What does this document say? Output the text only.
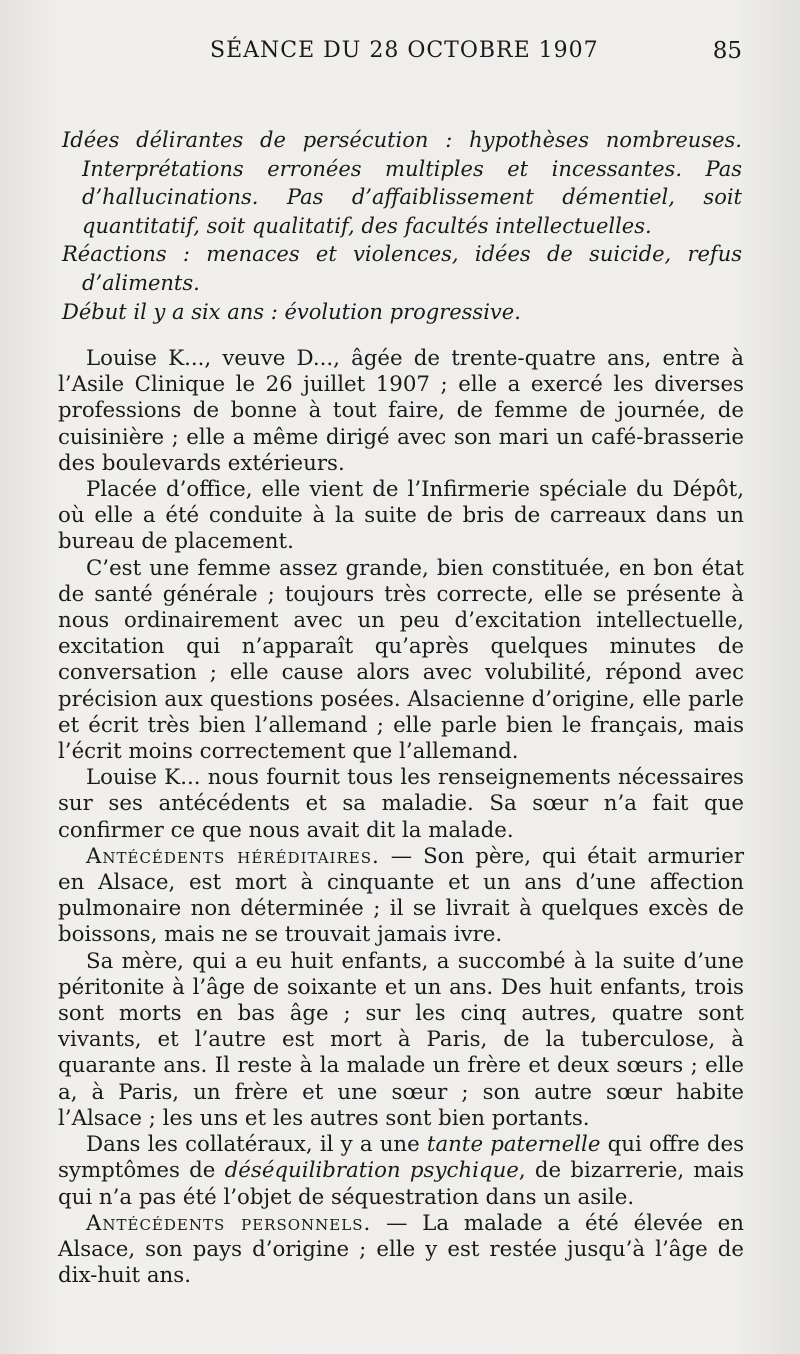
SÉANCE DU 28 OCTOBRE 1907	85

Idées délirantes de persécution : hypothèses nombreuses. Interprétations erronées multiples et incessantes. Pas d’hallucinations. Pas d’affaiblissement démentiel, soit quantitatif, soit qualitatif, des facultés intellectuelles.

Réactions : menaces et violences, idées de suicide, refus d’aliments.

Début il y a six ans : évolution progressive.

Louise K..., veuve D..., âgée de trente-quatre ans, entre à l’Asile Clinique le 26 juillet 1907 ; elle a exercé les diverses professions de bonne à tout faire, de femme de journée, de cuisinière ; elle a même dirigé avec son mari un café-brasserie des boulevards extérieurs.

Placée d’office, elle vient de l’Infirmerie spéciale du Dépôt, où elle a été conduite à la suite de bris de carreaux dans un bureau de placement.

C’est une femme assez grande, bien constituée, en bon état de santé générale ; toujours très correcte, elle se présente à nous ordinairement avec un peu d’excitation intellectuelle, excitation qui n’apparaît qu’après quelques minutes de conversation ; elle cause alors avec volubilité, répond avec précision aux questions posées. Alsacienne d’origine, elle parle et écrit très bien l’allemand ; elle parle bien le français, mais l’écrit moins correctement que l’allemand.

Louise K... nous fournit tous les renseignements nécessaires sur ses antécédents et sa maladie. Sa sœur n’a fait que confirmer ce que nous avait dit la malade.

Antécédents héréditaires. — Son père, qui était armurier en Alsace, est mort à cinquante et un ans d’une affection pulmonaire non déterminée ; il se livrait à quelques excès de boissons, mais ne se trouvait jamais ivre.

Sa mère, qui a eu huit enfants, a succombé à la suite d’une péritonite à l’âge de soixante et un ans. Des huit enfants, trois sont morts en bas âge ; sur les cinq autres, quatre sont vivants, et l’autre est mort à Paris, de la tuberculose, à quarante ans. Il reste à la malade un frère et deux sœurs ; elle a, à Paris, un frère et une sœur ; son autre sœur habite l’Alsace ; les uns et les autres sont bien portants.

Dans les collatéraux, il y a une tante paternelle qui offre des symptômes de déséquilibration psychique, de bizarrerie, mais qui n’a pas été l’objet de séquestration dans un asile.

Antécédents personnels. — La malade a été élevée en Alsace, son pays d’origine ; elle y est restée jusqu’à l’âge de dix-huit ans.
